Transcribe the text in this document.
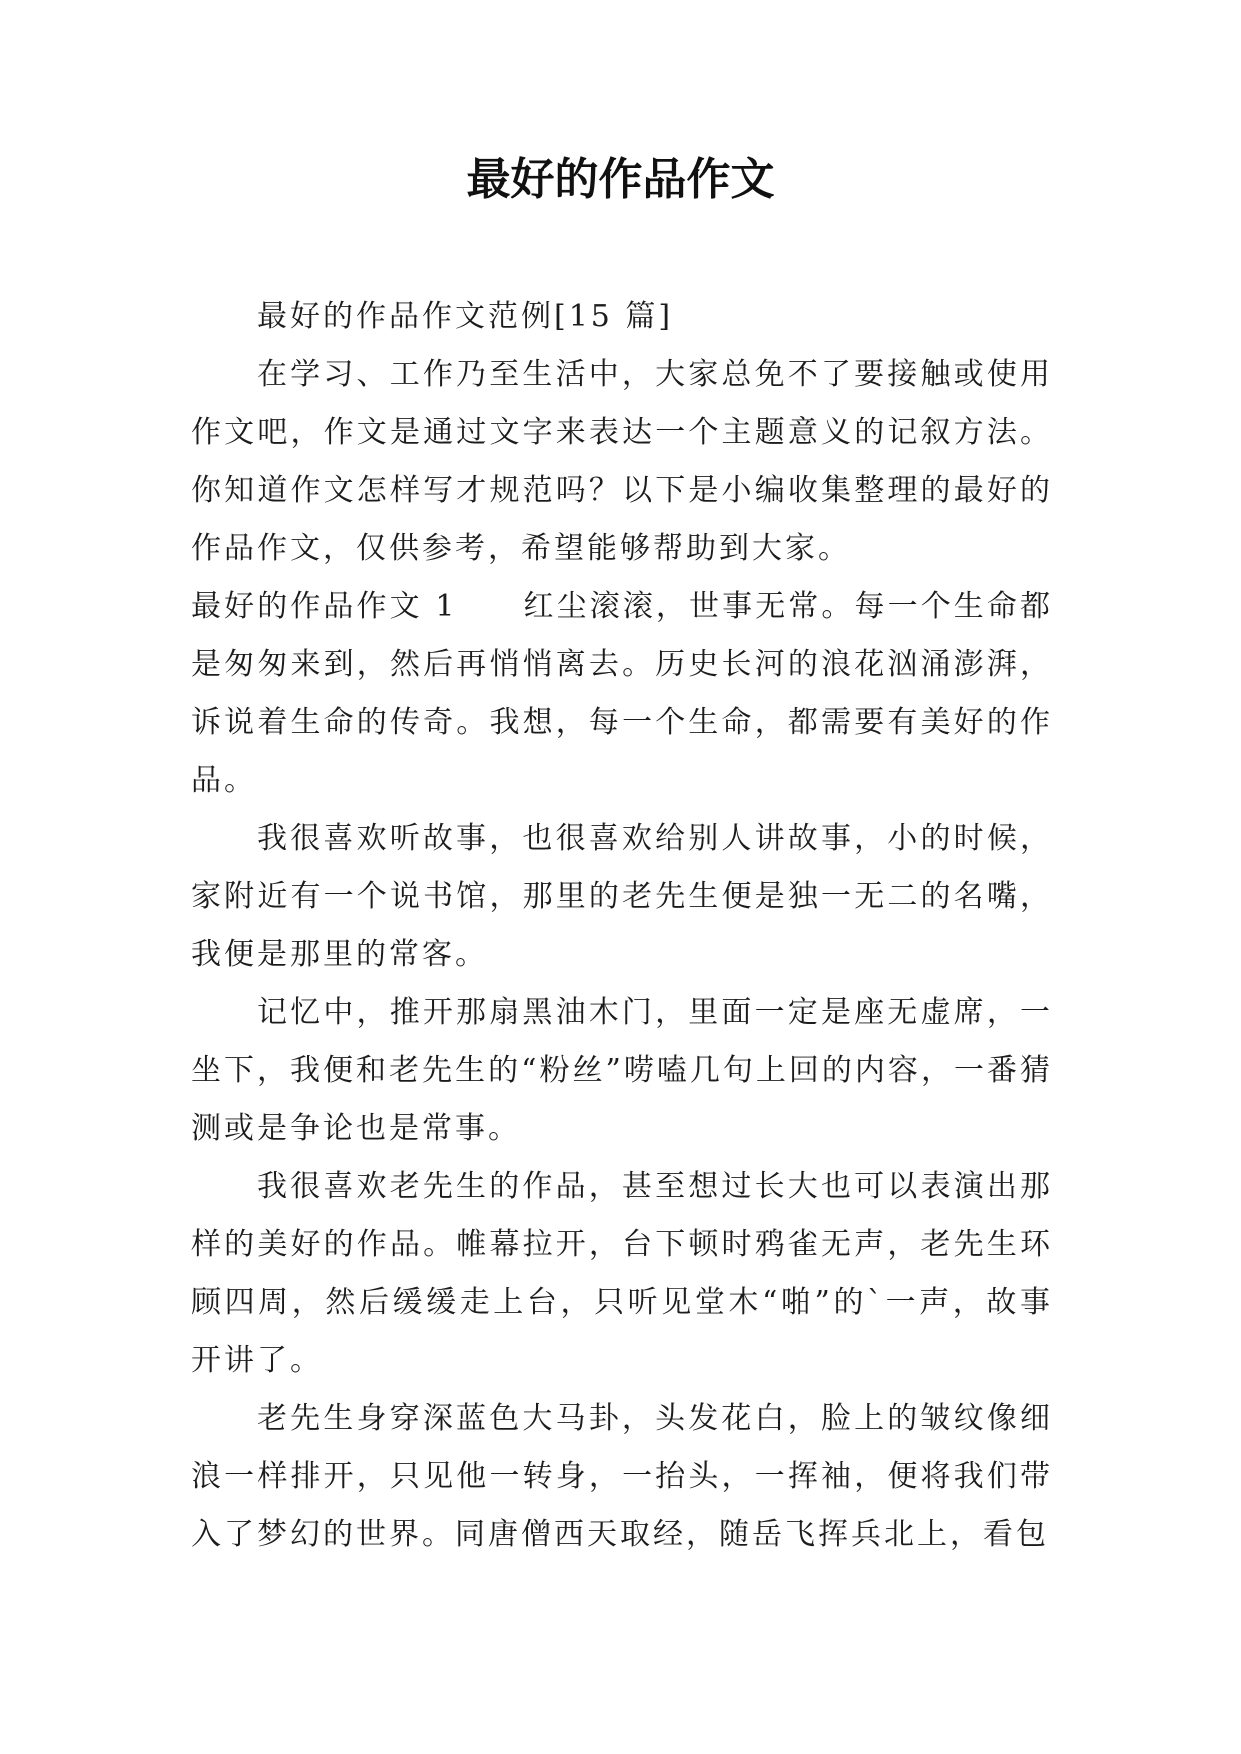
最好的作品作文

最好的作品作文范例[15 篇]

在学习、工作乃至生活中，大家总免不了要接触或使用作文吧，作文是通过文字来表达一个主题意义的记叙方法。你知道作文怎样写才规范吗？以下是小编收集整理的最好的作品作文，仅供参考，希望能够帮助到大家。

最好的作品作文 1 红尘滚滚，世事无常。每一个生命都是匆匆来到，然后再悄悄离去。历史长河的浪花汹涌澎湃，诉说着生命的传奇。我想，每一个生命，都需要有美好的作品。

我很喜欢听故事，也很喜欢给别人讲故事，小的时候，家附近有一个说书馆，那里的老先生便是独一无二的名嘴，我便是那里的常客。

记忆中，推开那扇黑油木门，里面一定是座无虚席，一坐下，我便和老先生的“粉丝”唠嗑几句上回的内容，一番猜测或是争论也是常事。

我很喜欢老先生的作品，甚至想过长大也可以表演出那样的美好的作品。帷幕拉开，台下顿时鸦雀无声，老先生环顾四周，然后缓缓走上台，只听见堂木“啪”的`一声，故事开讲了。

老先生身穿深蓝色大马卦，头发花白，脸上的皱纹像细浪一样排开，只见他一转身，一抬头，一挥袖，便将我们带入了梦幻的世界。同唐僧西天取经，随岳飞挥兵北上，看包
